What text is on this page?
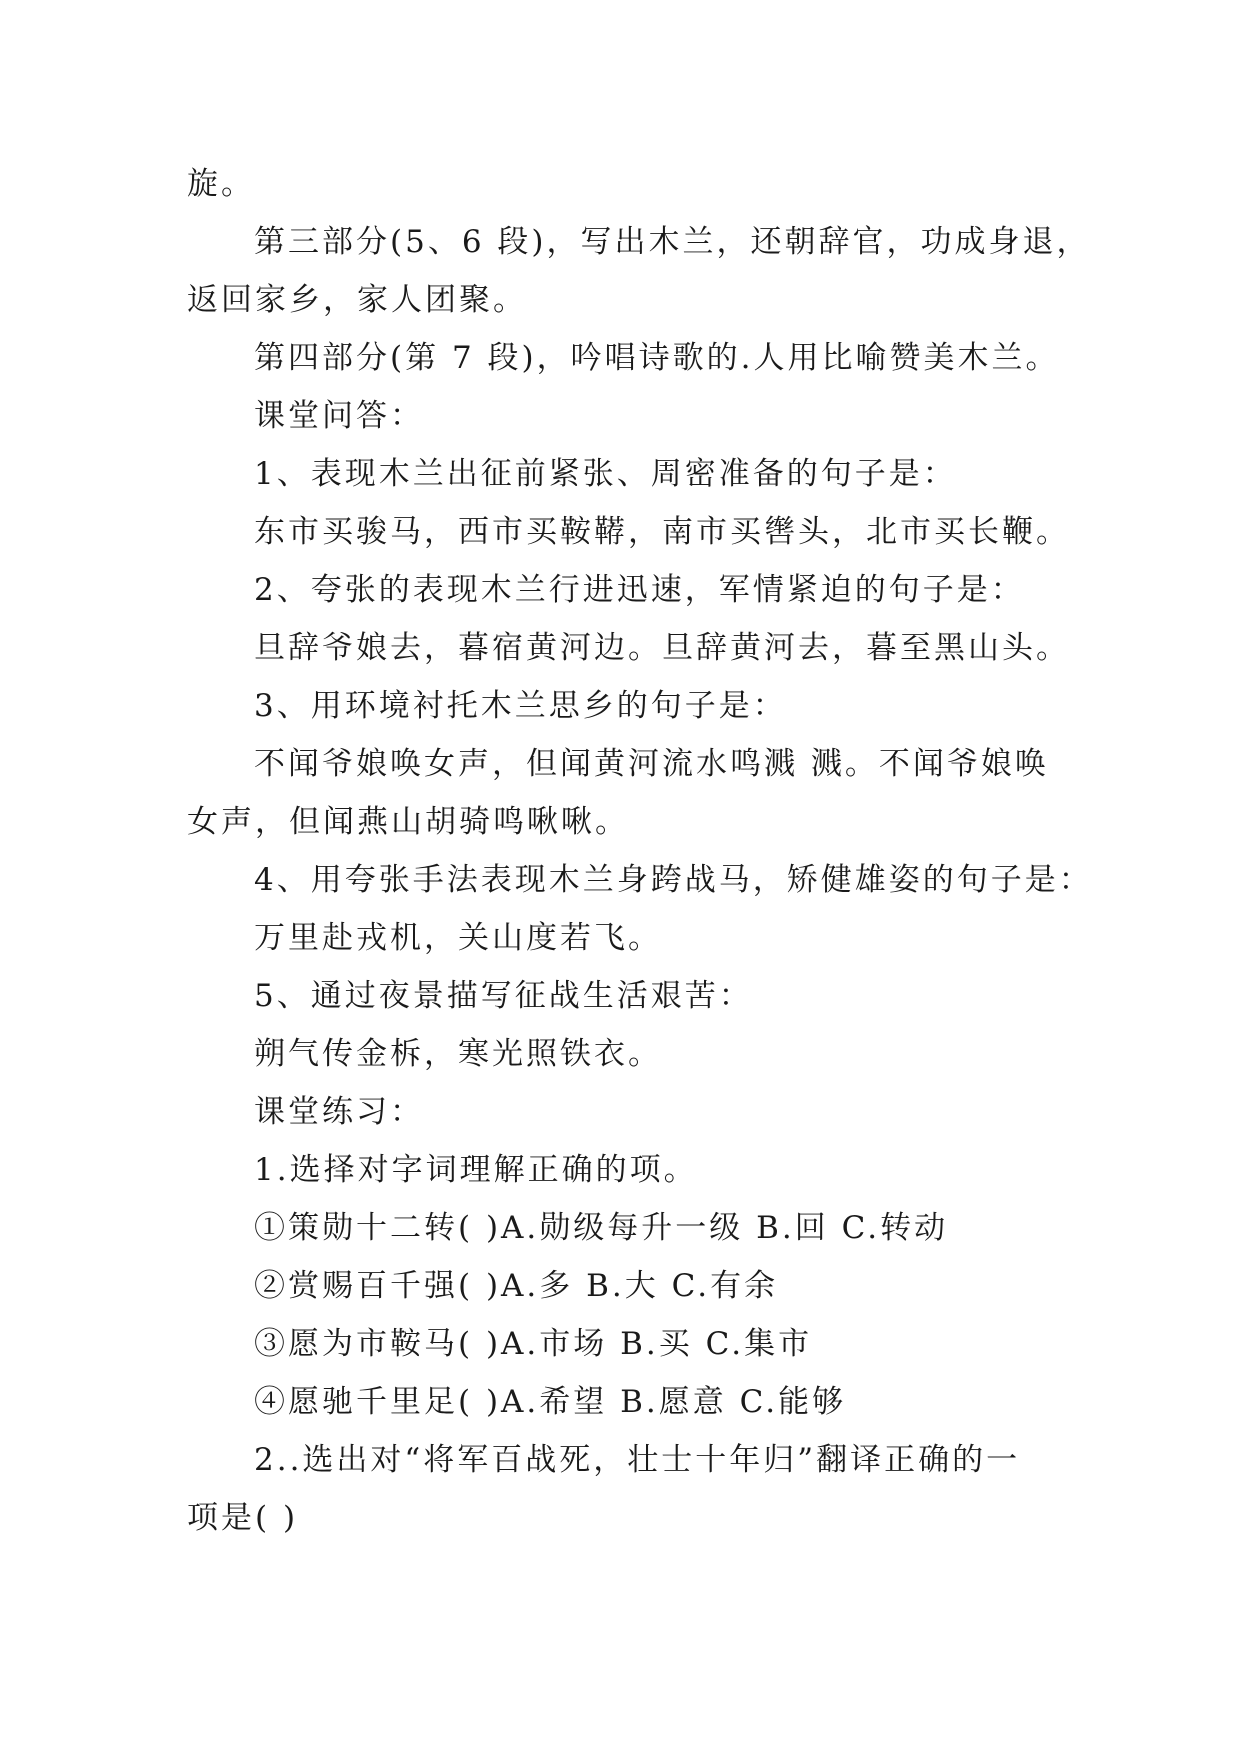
旋。
第三部分(5、6 段)，写出木兰，还朝辞官，功成身退，
返回家乡，家人团聚。
第四部分(第 7 段)，吟唱诗歌的.人用比喻赞美木兰。
课堂问答：
1、表现木兰出征前紧张、周密准备的句子是：
东市买骏马，西市买鞍鞯，南市买辔头，北市买长鞭。
2、夸张的表现木兰行进迅速，军情紧迫的句子是：
旦辞爷娘去，暮宿黄河边。旦辞黄河去，暮至黑山头。
3、用环境衬托木兰思乡的句子是：
不闻爷娘唤女声，但闻黄河流水鸣溅 溅。不闻爷娘唤
女声，但闻燕山胡骑鸣啾啾。
4、用夸张手法表现木兰身跨战马，矫健雄姿的句子是：
万里赴戎机，关山度若飞。
5、通过夜景描写征战生活艰苦：
朔气传金柝，寒光照铁衣。
课堂练习：
1.选择对字词理解正确的项。
①策勋十二转( )A.勋级每升一级 B.回 C.转动
②赏赐百千强( )A.多 B.大 C.有余
③愿为市鞍马( )A.市场 B.买 C.集市
④愿驰千里足( )A.希望 B.愿意 C.能够
2..选出对“将军百战死，壮士十年归”翻译正确的一
项是( )
